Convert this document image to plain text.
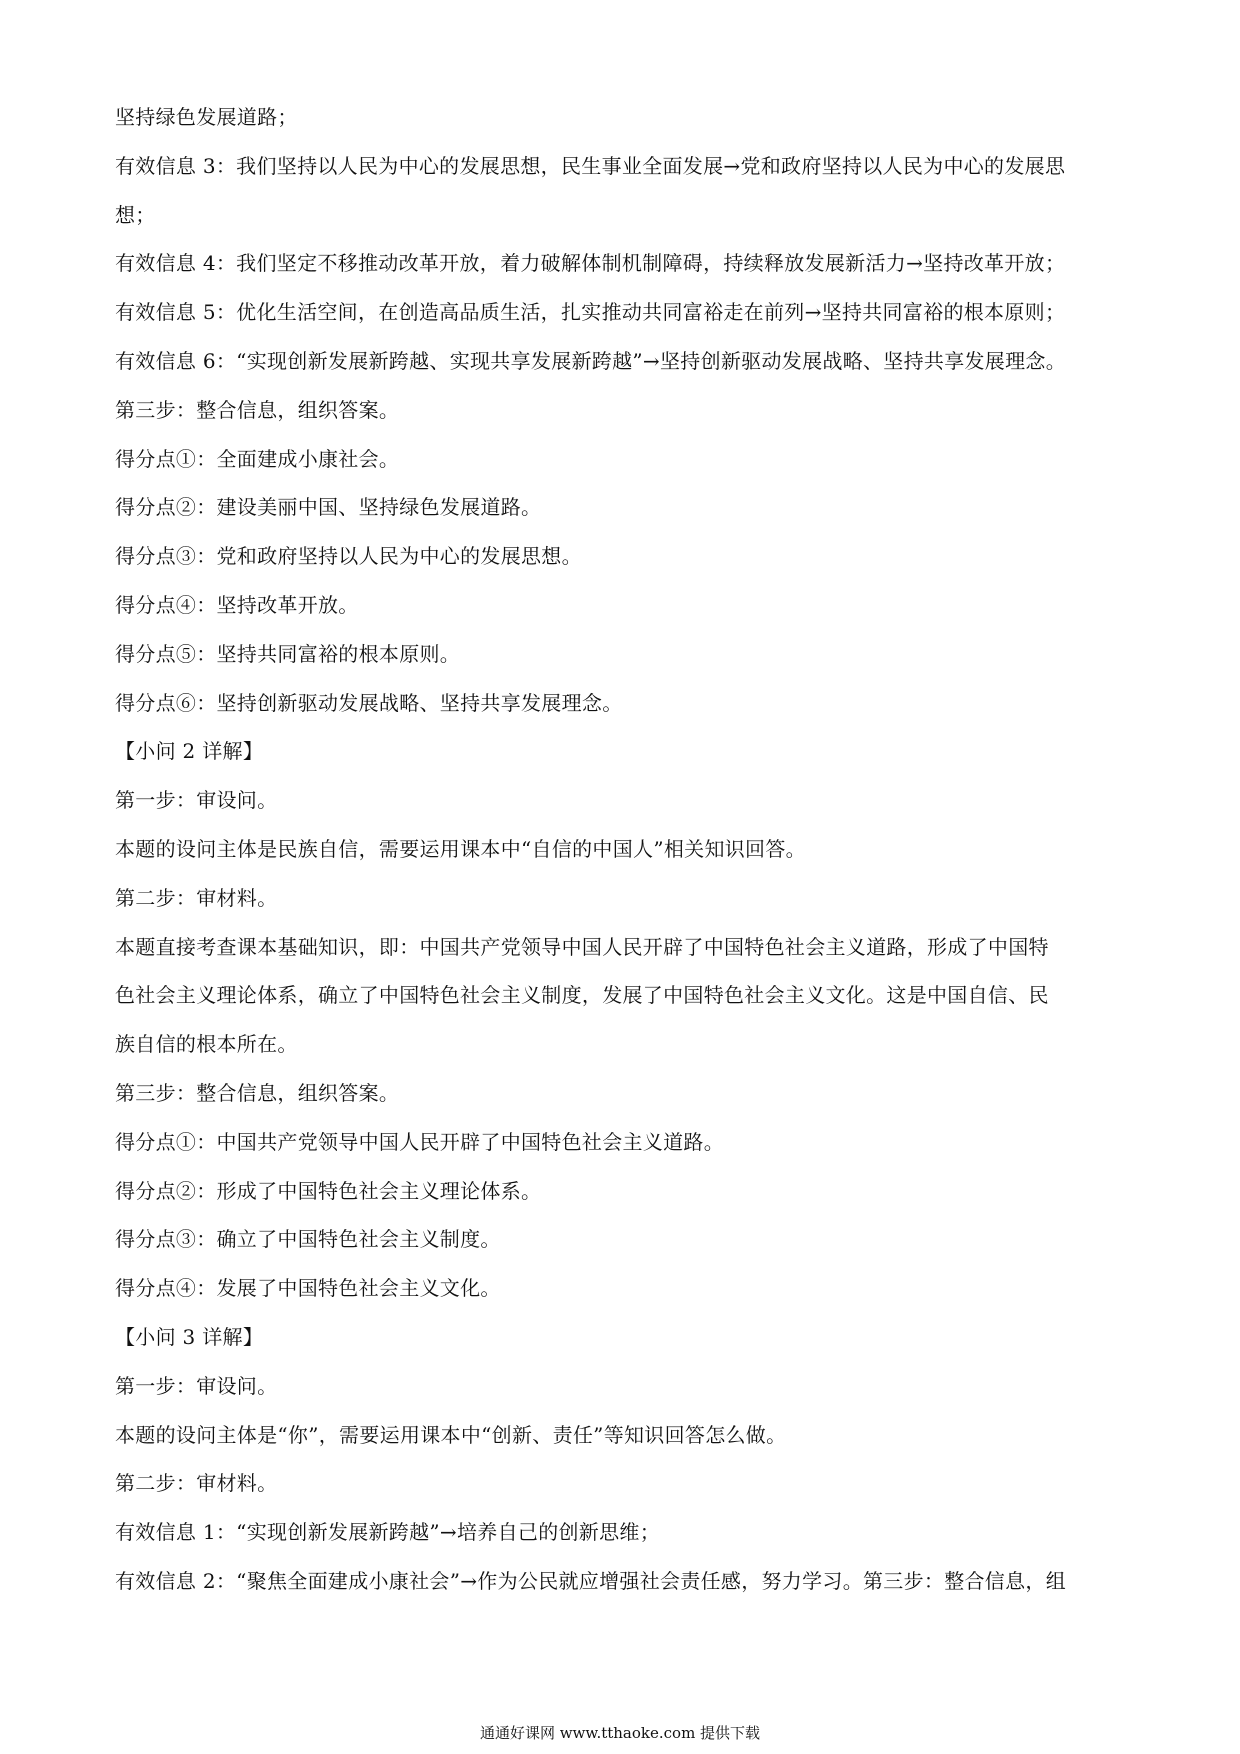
坚持绿色发展道路；
有效信息 3：我们坚持以人民为中心的发展思想，民生事业全面发展→党和政府坚持以人民为中心的发展思
想；
有效信息 4：我们坚定不移推动改革开放，着力破解体制机制障碍，持续释放发展新活力→坚持改革开放；
有效信息 5：优化生活空间，在创造高品质生活，扎实推动共同富裕走在前列→坚持共同富裕的根本原则；
有效信息 6：“实现创新发展新跨越、实现共享发展新跨越”→坚持创新驱动发展战略、坚持共享发展理念。
第三步：整合信息，组织答案。
得分点①：全面建成小康社会。
得分点②：建设美丽中国、坚持绿色发展道路。
得分点③：党和政府坚持以人民为中心的发展思想。
得分点④：坚持改革开放。
得分点⑤：坚持共同富裕的根本原则。
得分点⑥：坚持创新驱动发展战略、坚持共享发展理念。
【小问 2 详解】
第一步：审设问。
本题的设问主体是民族自信，需要运用课本中“自信的中国人”相关知识回答。
第二步：审材料。
本题直接考查课本基础知识，即：中国共产党领导中国人民开辟了中国特色社会主义道路，形成了中国特
色社会主义理论体系，确立了中国特色社会主义制度，发展了中国特色社会主义文化。这是中国自信、民
族自信的根本所在。
第三步：整合信息，组织答案。
得分点①：中国共产党领导中国人民开辟了中国特色社会主义道路。
得分点②：形成了中国特色社会主义理论体系。
得分点③：确立了中国特色社会主义制度。
得分点④：发展了中国特色社会主义文化。
【小问 3 详解】
第一步：审设问。
本题的设问主体是“你”，需要运用课本中“创新、责任”等知识回答怎么做。
第二步：审材料。
有效信息 1：“实现创新发展新跨越”→培养自己的创新思维；
有效信息 2：“聚焦全面建成小康社会”→作为公民就应增强社会责任感，努力学习。第三步：整合信息，组
通通好课网 www.tthaoke.com 提供下载
